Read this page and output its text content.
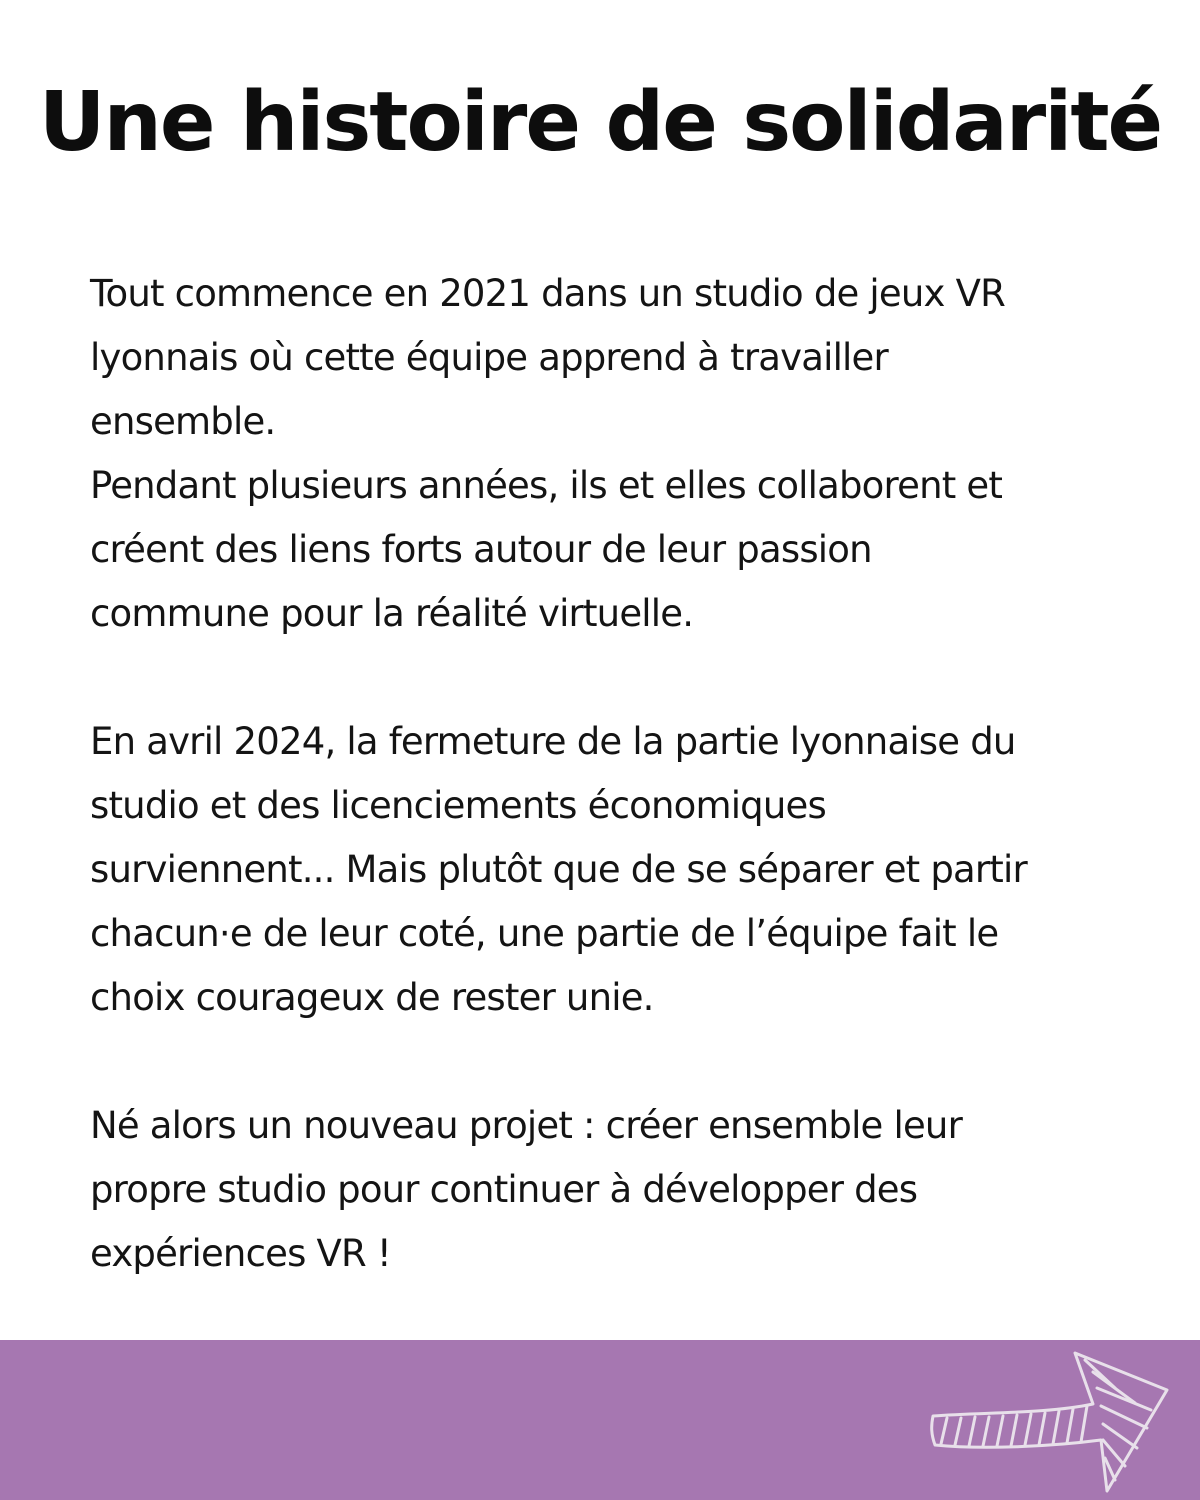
Une histoire de solidarité
Tout commence en 2021 dans un studio de jeux VR
lyonnais où cette équipe apprend à travailler
ensemble.
Pendant plusieurs années, ils et elles collaborent et
créent des liens forts autour de leur passion
commune pour la réalité virtuelle.
En avril 2024, la fermeture de la partie lyonnaise du
studio et des licenciements économiques
surviennent... Mais plutôt que de se séparer et partir
chacun·e de leur coté, une partie de l’équipe fait le
choix courageux de rester unie.
Né alors un nouveau projet : créer ensemble leur
propre studio pour continuer à développer des
expériences VR !
